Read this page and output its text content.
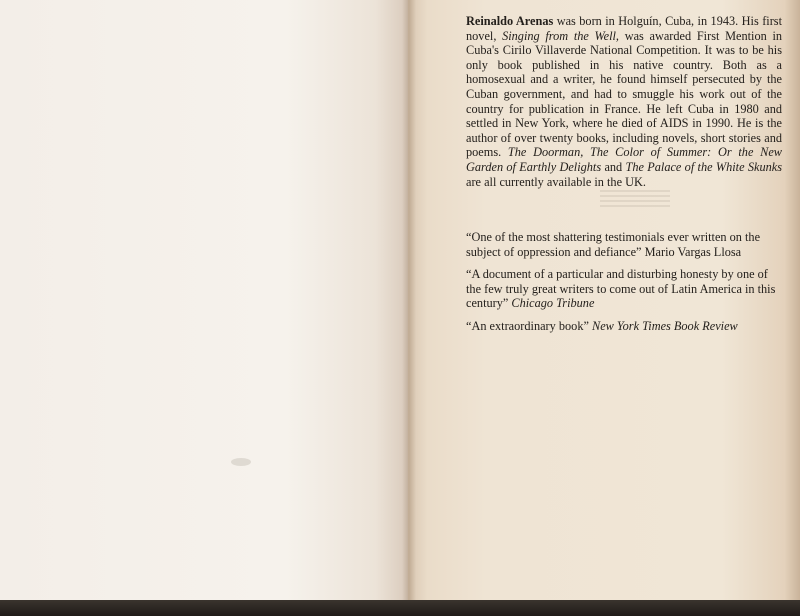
Reinaldo Arenas was born in Holguín, Cuba, in 1943. His first novel, Singing from the Well, was awarded First Mention in Cuba's Cirilo Villaverde National Competition. It was to be his only book published in his native country. Both as a homosexual and a writer, he found himself persecuted by the Cuban government, and had to smuggle his work out of the country for publication in France. He left Cuba in 1980 and settled in New York, where he died of AIDS in 1990. He is the author of over twenty books, including novels, short stories and poems. The Doorman, The Color of Summer: Or the New Garden of Earthly Delights and The Palace of the White Skunks are all currently available in the UK.

“One of the most shattering testimonials ever written on the subject of oppression and defiance” Mario Vargas Llosa

“A document of a particular and disturbing honesty by one of the few truly great writers to come out of Latin America in this century” Chicago Tribune

“An extraordinary book” New York Times Book Review
